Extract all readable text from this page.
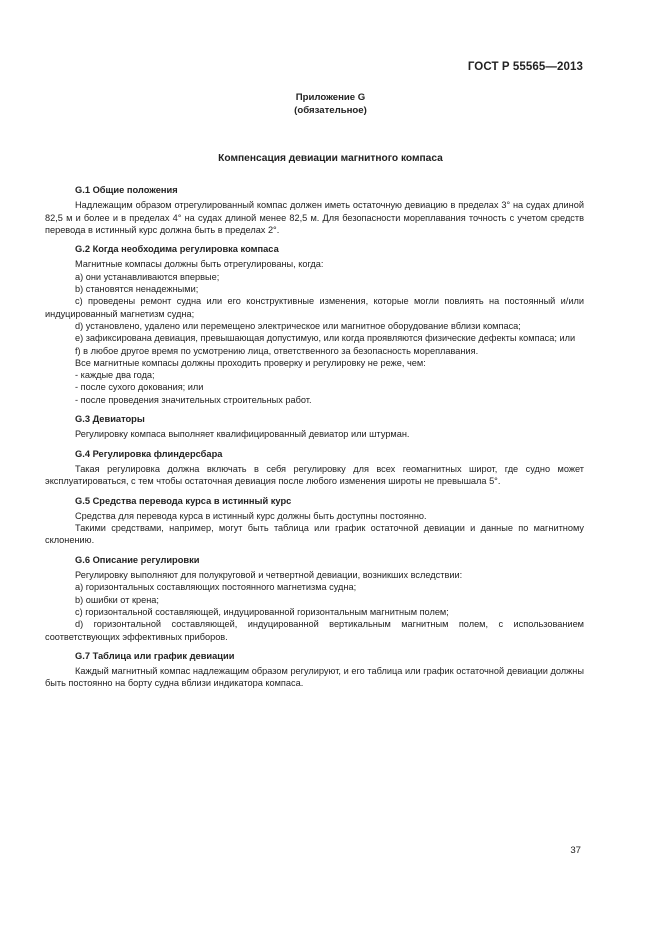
ГОСТ Р 55565—2013
Приложение G
(обязательное)
Компенсация девиации магнитного компаса
G.1 Общие положения

Надлежащим образом отрегулированный компас должен иметь остаточную девиацию в пределах 3° на судах длиной 82,5 м и более и в пределах 4° на судах длиной менее 82,5 м. Для безопасности мореплавания точность с учетом средств перевода в истинный курс должна быть в пределах 2°.

G.2 Когда необходима регулировка компаса

Магнитные компасы должны быть отрегулированы, когда:

a) они устанавливаются впервые;

b) становятся ненадежными;

c) проведены ремонт судна или его конструктивные изменения, которые могли повлиять на постоянный и/или индуцированный магнетизм судна;

d) установлено, удалено или перемещено электрическое или магнитное оборудование вблизи компаса;

e) зафиксирована девиация, превышающая допустимую, или когда проявляются физические дефекты компаса; или

f) в любое другое время по усмотрению лица, ответственного за безопасность мореплавания.

Все магнитные компасы должны проходить проверку и регулировку не реже, чем:

- каждые два года;

- после сухого докования; или

- после проведения значительных строительных работ.

G.3 Девиаторы

Регулировку компаса выполняет квалифицированный девиатор или штурман.

G.4 Регулировка флиндерсбара

Такая регулировка должна включать в себя регулировку для всех геомагнитных широт, где судно может эксплуатироваться, с тем чтобы остаточная девиация после любого изменения широты не превышала 5°.

G.5 Средства перевода курса в истинный курс

Средства для перевода курса в истинный курс должны быть доступны постоянно.

Такими средствами, например, могут быть таблица или график остаточной девиации и данные по магнитному склонению.

G.6 Описание регулировки

Регулировку выполняют для полукруговой и четвертной девиации, возникших вследствии:

a) горизонтальных составляющих постоянного магнетизма судна;

b) ошибки от крена;

c) горизонтальной составляющей, индуцированной горизонтальным магнитным полем;

d) горизонтальной составляющей, индуцированной вертикальным магнитным полем, с использованием соответствующих эффективных приборов.

G.7 Таблица или график девиации

Каждый магнитный компас надлежащим образом регулируют, и его таблица или график остаточной девиации должны быть постоянно на борту судна вблизи индикатора компаса.

37
